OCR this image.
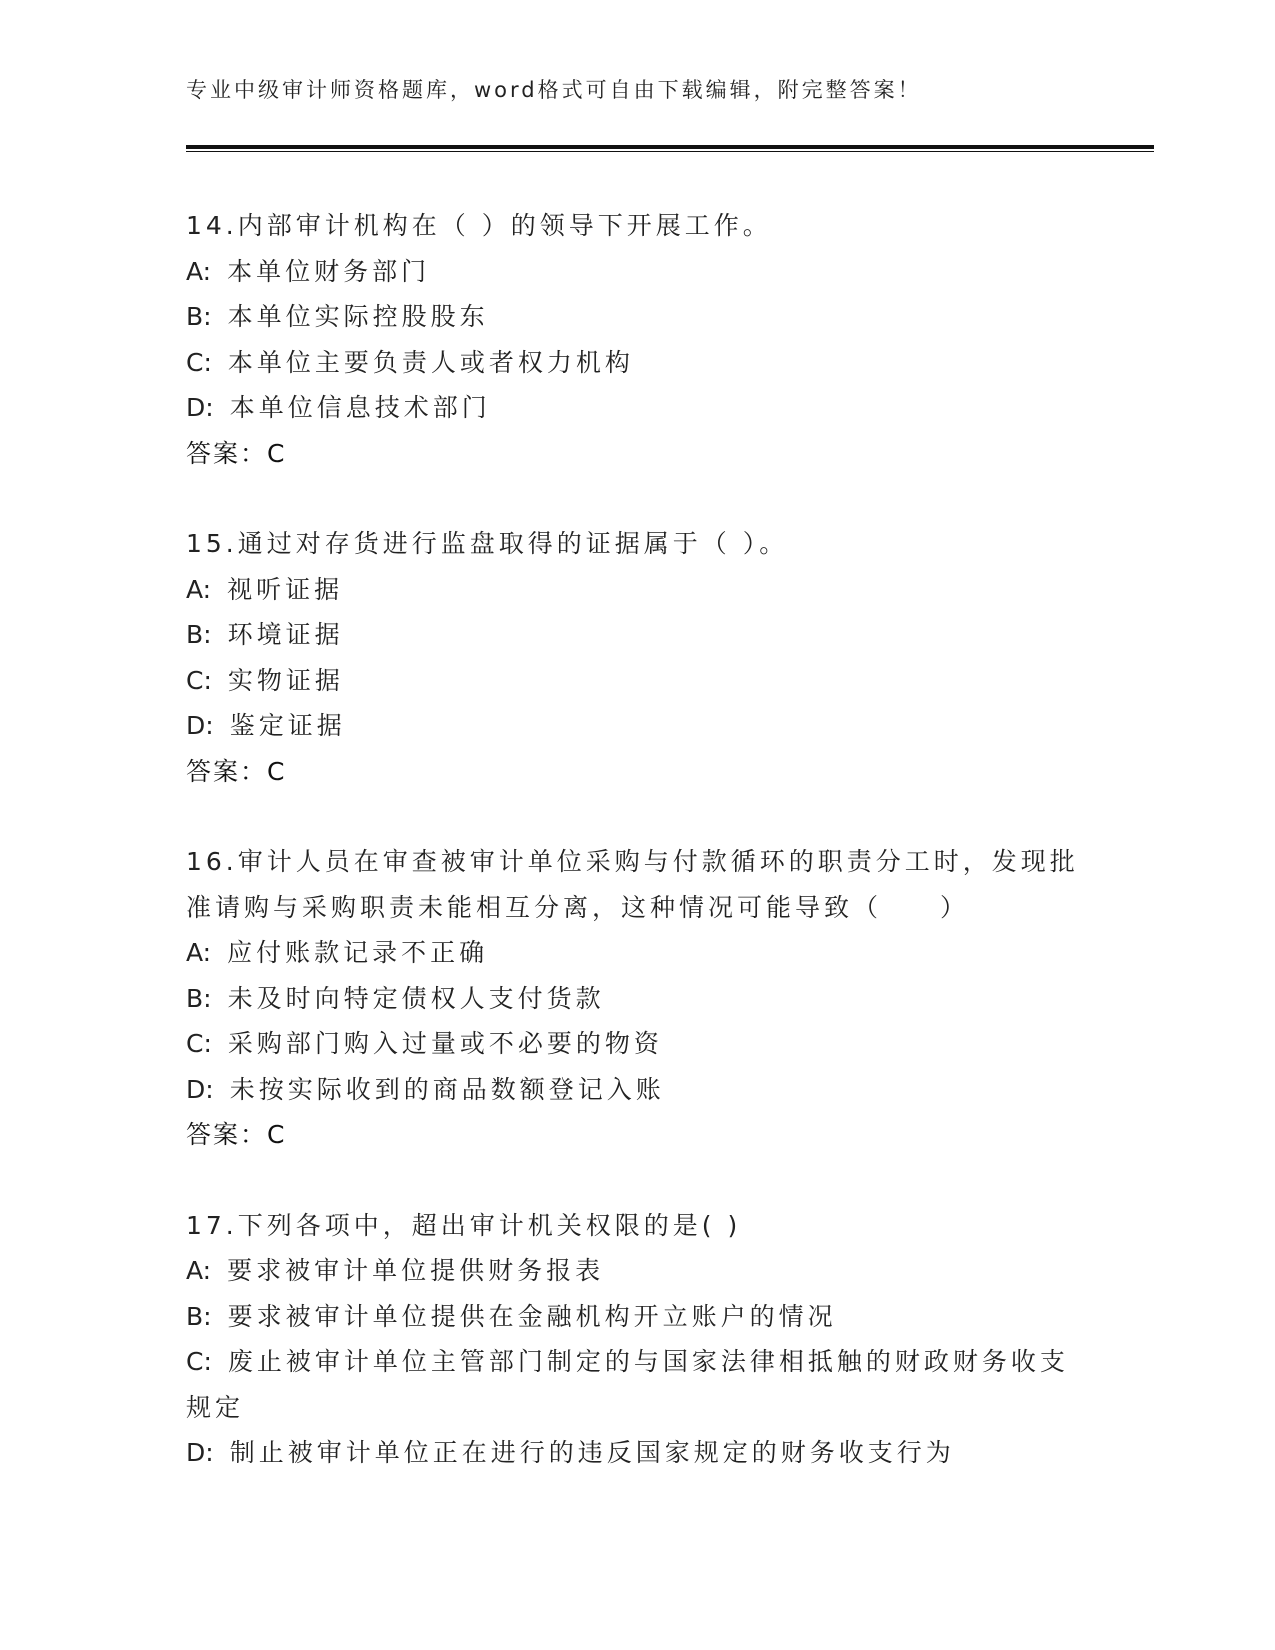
专业中级审计师资格题库，word格式可自由下载编辑，附完整答案！
14.内部审计机构在（ ）的领导下开展工作。
A: 本单位财务部门
B: 本单位实际控股股东
C: 本单位主要负责人或者权力机构
D: 本单位信息技术部门
答案：C
15.通过对存货进行监盘取得的证据属于（ ）。
A: 视听证据
B: 环境证据
C: 实物证据
D: 鉴定证据
答案：C
16.审计人员在审查被审计单位采购与付款循环的职责分工时，发现批
准请购与采购职责未能相互分离，这种情况可能导致（　　）
A: 应付账款记录不正确
B: 未及时向特定债权人支付货款
C: 采购部门购入过量或不必要的物资
D: 未按实际收到的商品数额登记入账
答案：C
17.下列各项中，超出审计机关权限的是( )
A: 要求被审计单位提供财务报表
B: 要求被审计单位提供在金融机构开立账户的情况
C: 废止被审计单位主管部门制定的与国家法律相抵触的财政财务收支
规定
D: 制止被审计单位正在进行的违反国家规定的财务收支行为
